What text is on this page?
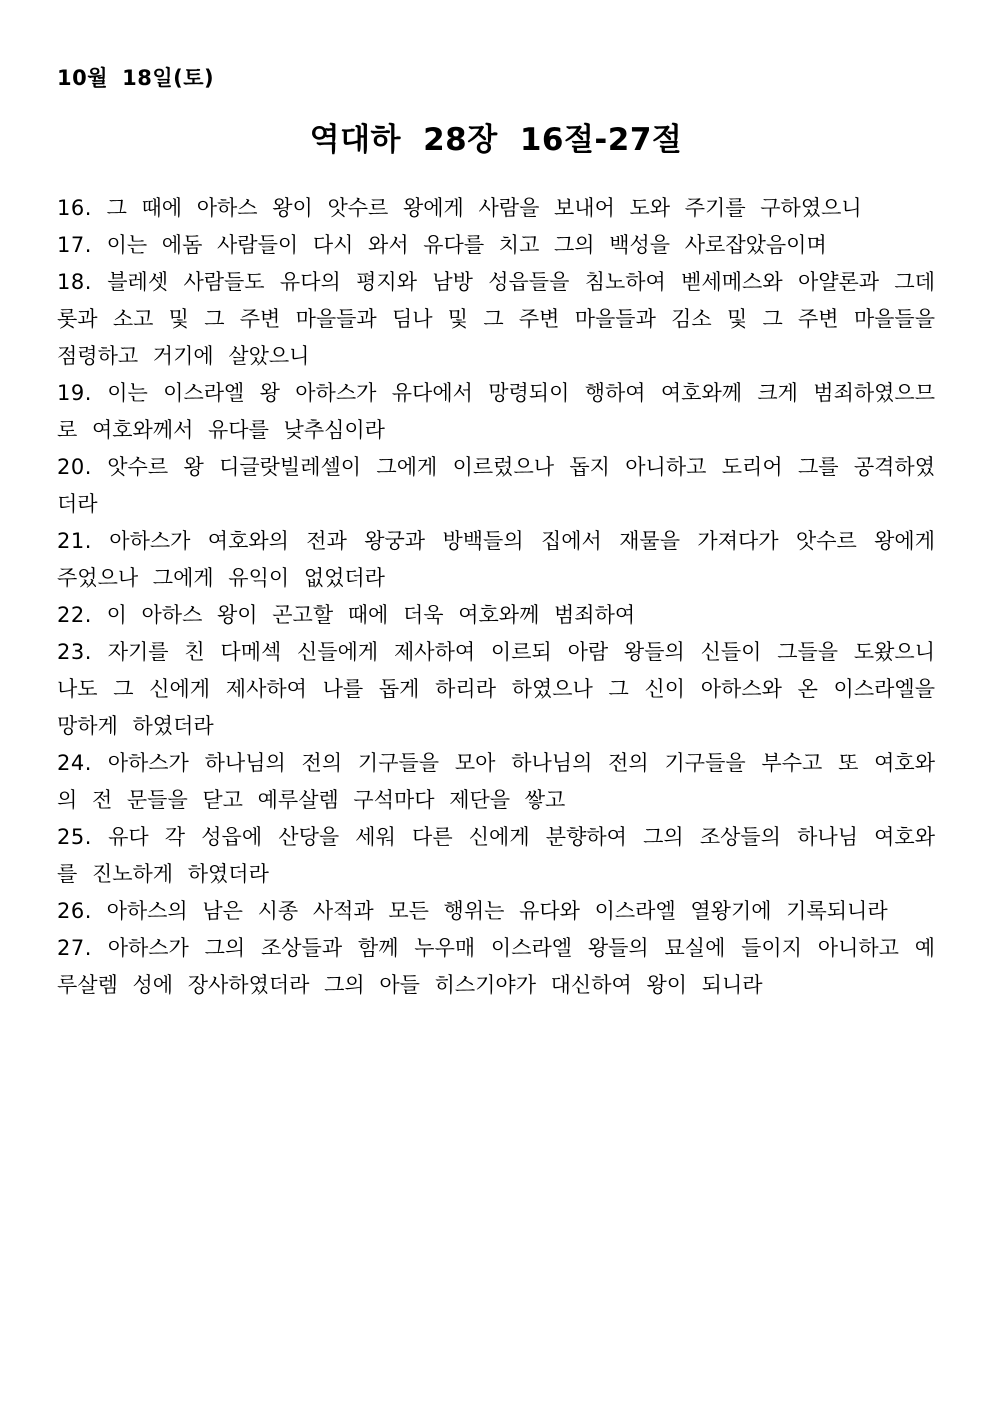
10월 18일(토)
역대하 28장 16절-27절

16. 그 때에 아하스 왕이 앗수르 왕에게 사람을 보내어 도와 주기를 구하였으니

17. 이는 에돔 사람들이 다시 와서 유다를 치고 그의 백성을 사로잡았음이며

18. 블레셋 사람들도 유다의 평지와 남방 성읍들을 침노하여 벧세메스와 아얄론과 그데롯과 소고 및 그 주변 마을들과 딤나 및 그 주변 마을들과 김소 및 그 주변 마을들을 점령하고 거기에 살았으니

19. 이는 이스라엘 왕 아하스가 유다에서 망령되이 행하여 여호와께 크게 범죄하였으므로 여호와께서 유다를 낮추심이라

20. 앗수르 왕 디글랏빌레셀이 그에게 이르렀으나 돕지 아니하고 도리어 그를 공격하였더라

21. 아하스가 여호와의 전과 왕궁과 방백들의 집에서 재물을 가져다가 앗수르 왕에게 주었으나 그에게 유익이 없었더라

22. 이 아하스 왕이 곤고할 때에 더욱 여호와께 범죄하여

23. 자기를 친 다메섹 신들에게 제사하여 이르되 아람 왕들의 신들이 그들을 도왔으니 나도 그 신에게 제사하여 나를 돕게 하리라 하였으나 그 신이 아하스와 온 이스라엘을 망하게 하였더라

24. 아하스가 하나님의 전의 기구들을 모아 하나님의 전의 기구들을 부수고 또 여호와의 전 문들을 닫고 예루살렘 구석마다 제단을 쌓고

25. 유다 각 성읍에 산당을 세워 다른 신에게 분향하여 그의 조상들의 하나님 여호와를 진노하게 하였더라

26. 아하스의 남은 시종 사적과 모든 행위는 유다와 이스라엘 열왕기에 기록되니라

27. 아하스가 그의 조상들과 함께 누우매 이스라엘 왕들의 묘실에 들이지 아니하고 예루살렘 성에 장사하였더라 그의 아들 히스기야가 대신하여 왕이 되니라
